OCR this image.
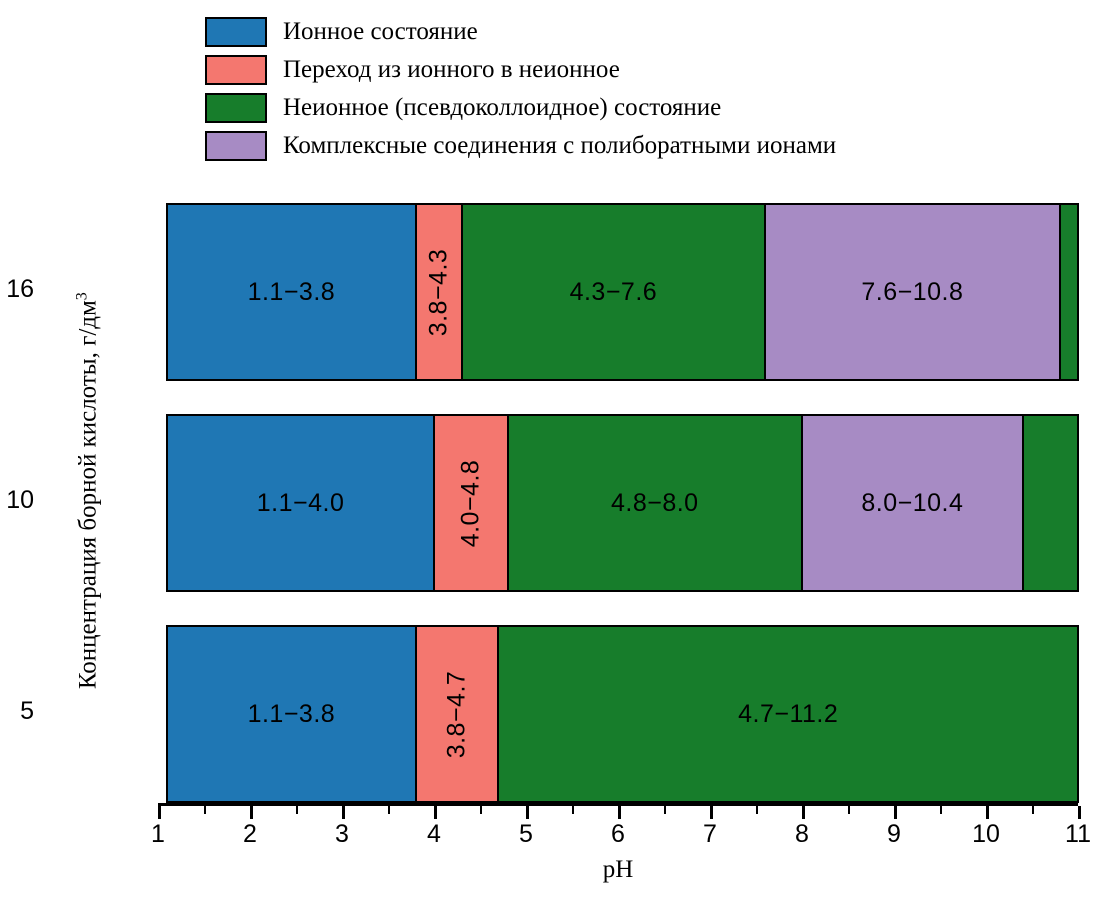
Ионное состояние
Переход из ионного в неионное
Неионное (псевдоколлоидное) состояние
Комплексные соединения с полиборатными ионами
Концентрация борной кислоты, $г/дм^3$	1.1−3.8	3.8−4.3	4.3−7.6	7.6−10.8
1.1−4.0	4.0−4.8	4.8−8.0	8.0−10.4
1.1−3.8	3.8−4.7	4.7−11.2
1	2	3	4	5	6	7	8	9	10	11
pH
16
10
5
